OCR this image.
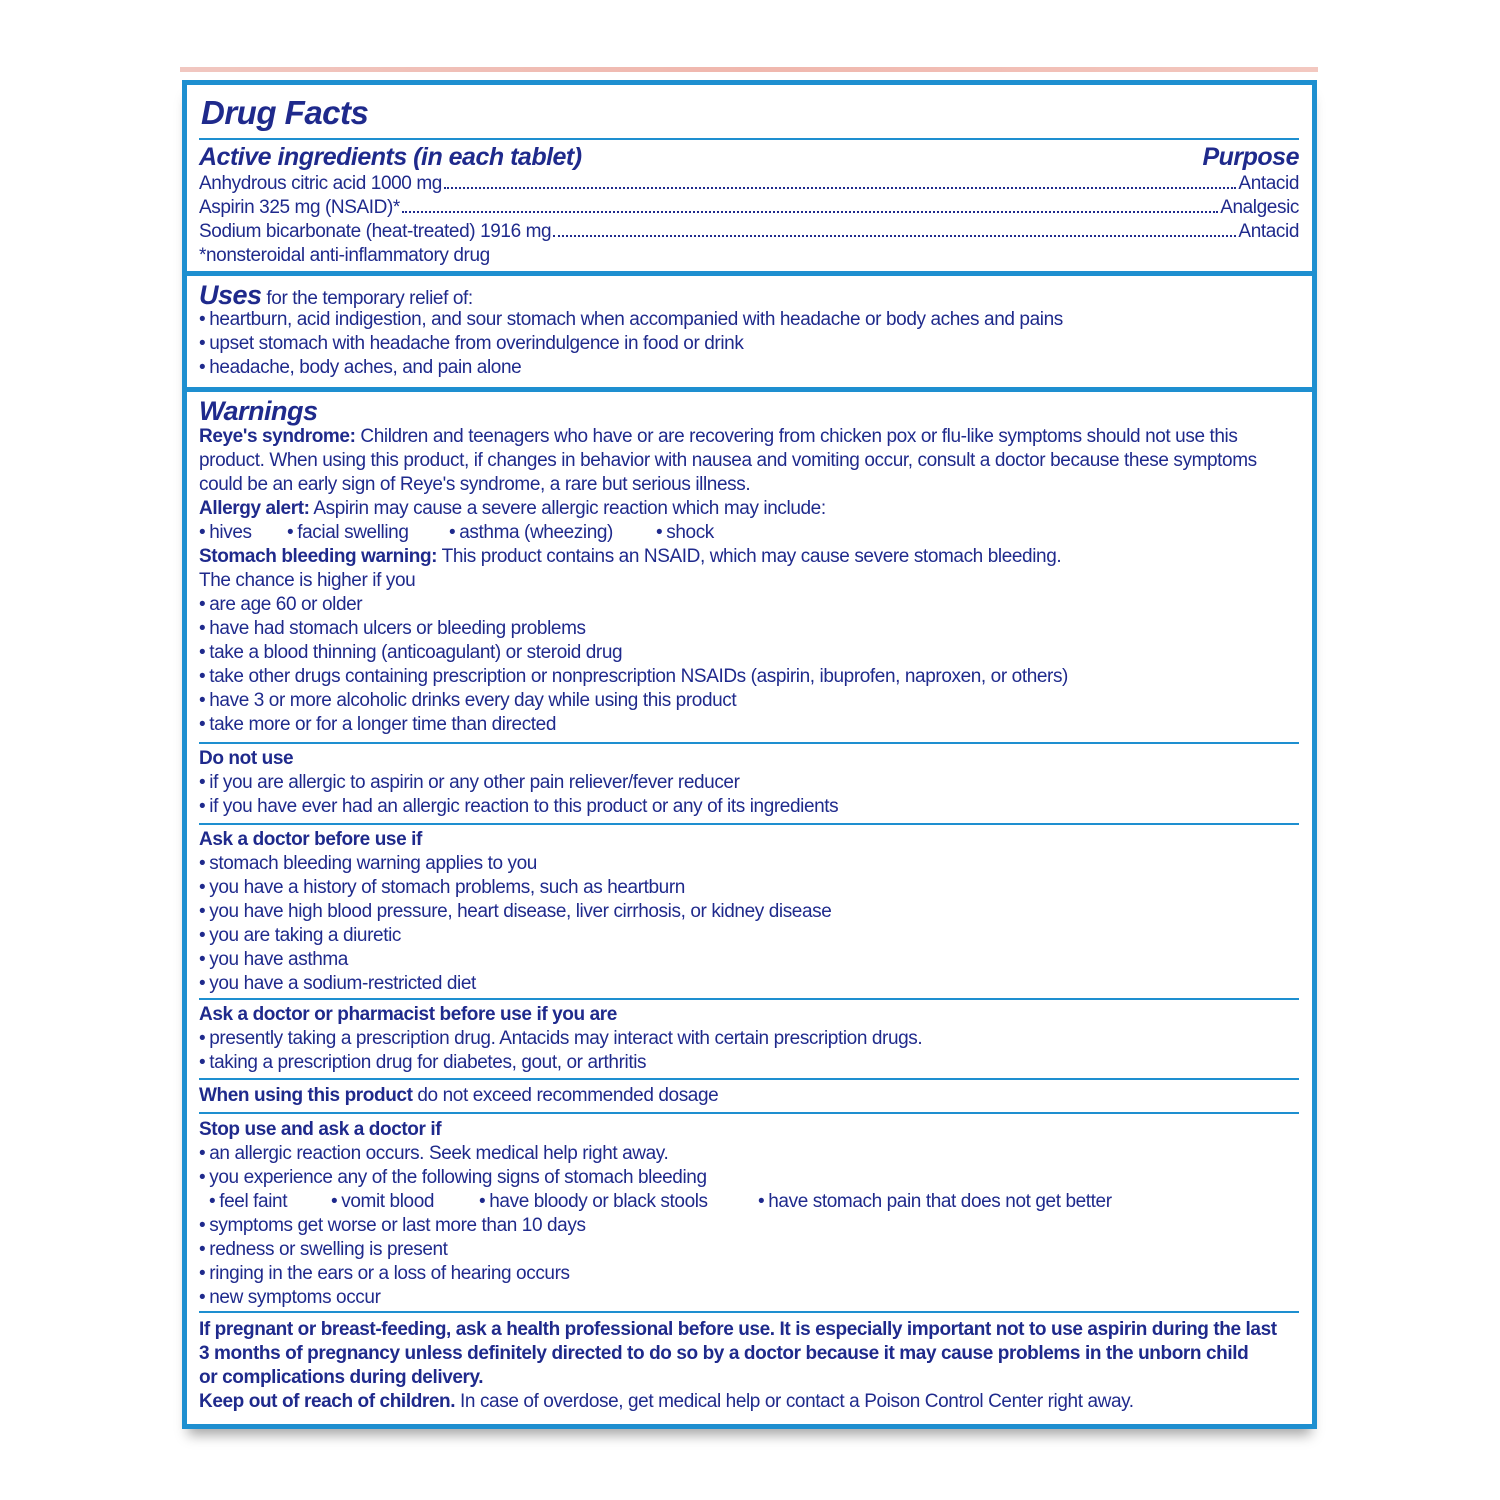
Drug Facts
Active ingredients (in each tablet)	Purpose
Anhydrous citric acid 1000 mg	Antacid
Aspirin 325 mg (NSAID)*	Analgesic
Sodium bicarbonate (heat-treated) 1916 mg	Antacid
*nonsteroidal anti-inflammatory drug
Uses for the temporary relief of:
• heartburn, acid indigestion, and sour stomach when accompanied with headache or body aches and pains
• upset stomach with headache from overindulgence in food or drink
• headache, body aches, and pain alone
Warnings
Reye's syndrome: Children and teenagers who have or are recovering from chicken pox or flu-like symptoms should not use this
product. When using this product, if changes in behavior with nausea and vomiting occur, consult a doctor because these symptoms
could be an early sign of Reye's syndrome, a rare but serious illness.
Allergy alert: Aspirin may cause a severe allergic reaction which may include:
• hives • facial swelling	• asthma (wheezing)	• shock
Stomach bleeding warning: This product contains an NSAID, which may cause severe stomach bleeding.
The chance is higher if you
• are age 60 or older
• have had stomach ulcers or bleeding problems
• take a blood thinning (anticoagulant) or steroid drug
• take other drugs containing prescription or nonprescription NSAIDs (aspirin, ibuprofen, naproxen, or others)
• have 3 or more alcoholic drinks every day while using this product
• take more or for a longer time than directed
Do not use
• if you are allergic to aspirin or any other pain reliever/fever reducer
• if you have ever had an allergic reaction to this product or any of its ingredients
Ask a doctor before use if
• stomach bleeding warning applies to you
• you have a history of stomach problems, such as heartburn
• you have high blood pressure, heart disease, liver cirrhosis, or kidney disease
• you are taking a diuretic
• you have asthma
• you have a sodium-restricted diet
Ask a doctor or pharmacist before use if you are
• presently taking a prescription drug. Antacids may interact with certain prescription drugs.
• taking a prescription drug for diabetes, gout, or arthritis
When using this product do not exceed recommended dosage
Stop use and ask a doctor if
• an allergic reaction occurs. Seek medical help right away.
• you experience any of the following signs of stomach bleeding
• feel faint	• vomit blood	• have bloody or black stools	• have stomach pain that does not get better
• symptoms get worse or last more than 10 days
• redness or swelling is present
• ringing in the ears or a loss of hearing occurs
• new symptoms occur
If pregnant or breast-feeding, ask a health professional before use. It is especially important not to use aspirin during the last
3 months of pregnancy unless definitely directed to do so by a doctor because it may cause problems in the unborn child
or complications during delivery.
Keep out of reach of children. In case of overdose, get medical help or contact a Poison Control Center right away.
